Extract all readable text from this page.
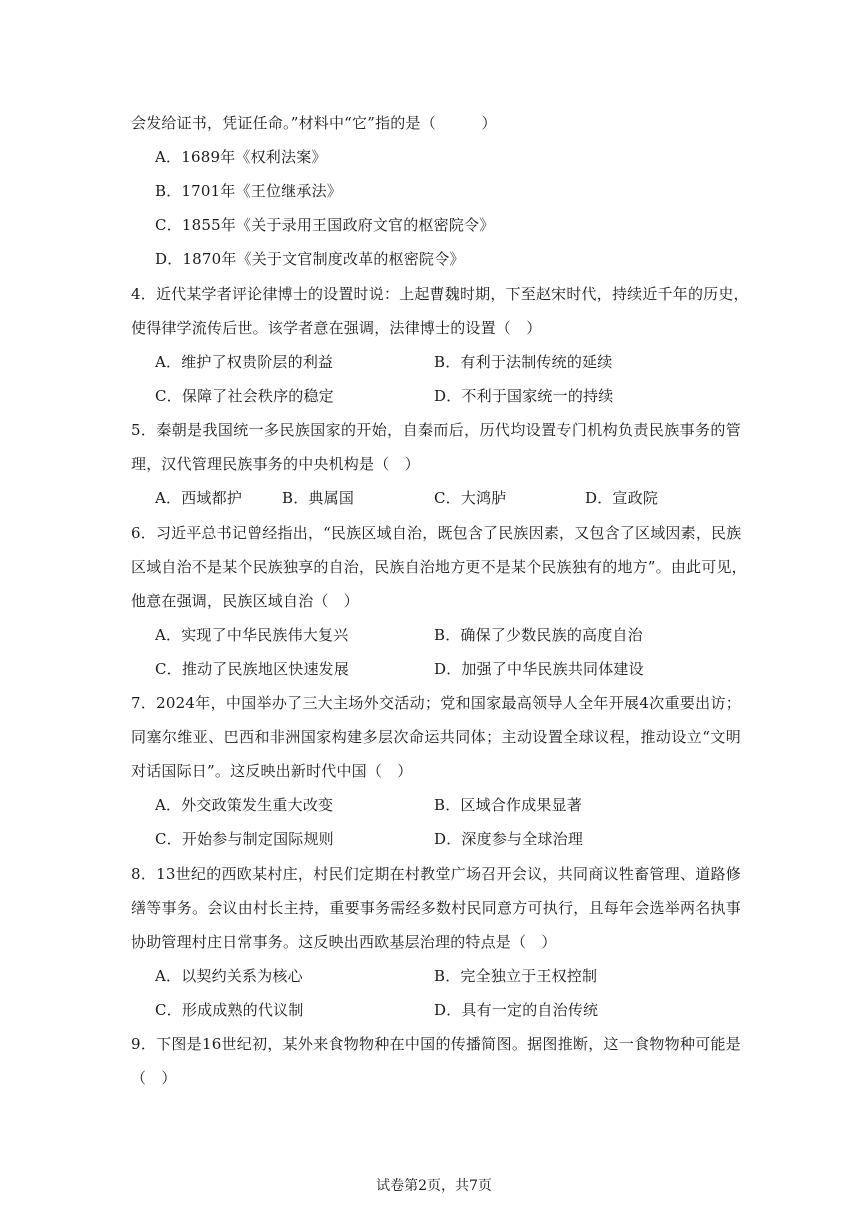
会发给证书，凭证任命。”材料中“它”指的是（　　　）
A．1689年《权利法案》
B．1701年《王位继承法》
C．1855年《关于录用王国政府文官的枢密院令》
D．1870年《关于文官制度改革的枢密院令》
4．近代某学者评论律博士的设置时说：上起曹魏时期，下至赵宋时代，持续近千年的历史，
使得律学流传后世。该学者意在强调，法律博士的设置（　）
A．维护了权贵阶层的利益	B．有利于法制传统的延续
C．保障了社会秩序的稳定	D．不利于国家统一的持续
5．秦朝是我国统一多民族国家的开始，自秦而后，历代均设置专门机构负责民族事务的管
理，汉代管理民族事务的中央机构是（　）
A．西域都护	B．典属国	C．大鸿胪	D．宣政院
6．习近平总书记曾经指出，“民族区域自治，既包含了民族因素，又包含了区域因素，民族
区域自治不是某个民族独享的自治，民族自治地方更不是某个民族独有的地方”。由此可见，
他意在强调，民族区域自治（　）
A．实现了中华民族伟大复兴	B．确保了少数民族的高度自治
C．推动了民族地区快速发展	D．加强了中华民族共同体建设
7．2024年，中国举办了三大主场外交活动；党和国家最高领导人全年开展4次重要出访；
同塞尔维亚、巴西和非洲国家构建多层次命运共同体；主动设置全球议程，推动设立“文明
对话国际日”。这反映出新时代中国（　）
A．外交政策发生重大改变	B．区域合作成果显著
C．开始参与制定国际规则	D．深度参与全球治理
8．13世纪的西欧某村庄，村民们定期在村教堂广场召开会议，共同商议牲畜管理、道路修
缮等事务。会议由村长主持，重要事务需经多数村民同意方可执行，且每年会选举两名执事
协助管理村庄日常事务。这反映出西欧基层治理的特点是（　）
A．以契约关系为核心	B．完全独立于王权控制
C．形成成熟的代议制	D．具有一定的自治传统
9．下图是16世纪初，某外来食物物种在中国的传播简图。据图推断，这一食物物种可能是
（　）
试卷第2页，共7页
